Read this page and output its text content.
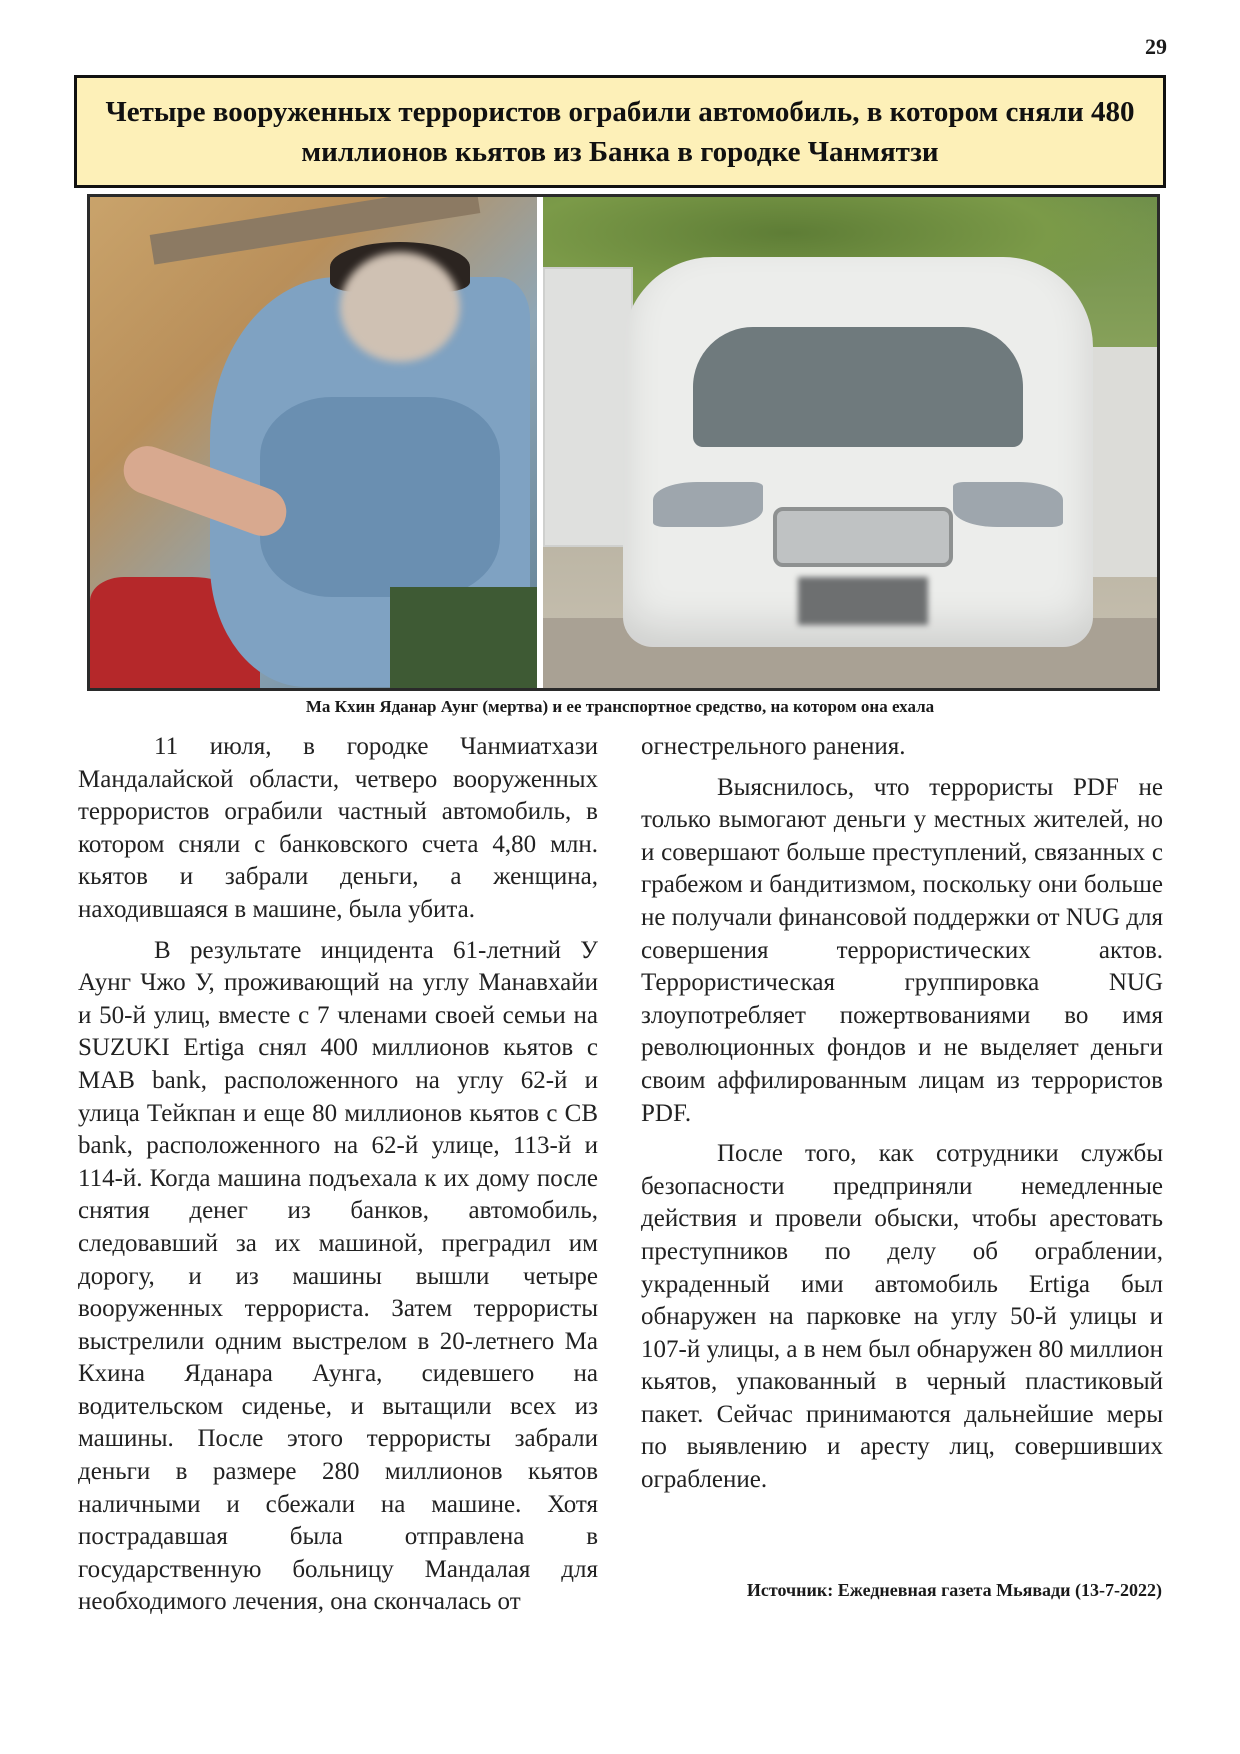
29
Четыре вооруженных террористов ограбили автомобиль, в котором сняли 480 миллионов кьятов из Банка в городке Чанмятзи
Ма Кхин Яданар Аунг (мертва) и ее транспортное средство, на котором она ехала

11 июля, в городке Чанмиатхази Мандалайской области, четверо вооруженных террористов ограбили частный автомобиль, в котором сняли с банковского счета 4,80 млн. кьятов и забрали деньги, а женщина, находившаяся в машине, была убита.

В результате инцидента 61-летний У Аунг Чжо У, проживающий на углу Манавхайи и 50-й улиц, вместе с 7 членами своей семьи на SUZUKI Ertiga снял 400 миллионов кьятов с MAB bank, расположенного на углу 62-й и улица Тейкпан и еще 80 миллионов кьятов с CB bank, расположенного на 62-й улице, 113-й и 114-й. Когда машина подъехала к их дому после снятия денег из банков, автомобиль, следовавший за их машиной, преградил им дорогу, и из машины вышли четыре вооруженных террориста. Затем террористы выстрелили одним выстрелом в 20-летнего Ма Кхина Яданара Аунга, сидевшего на водительском сиденье, и вытащили всех из машины. После этого террористы забрали деньги в размере 280 миллионов кьятов наличными и сбежали на машине. Хотя пострадавшая была отправлена в государственную больницу Мандалая для необходимого лечения, она скончалась от

огнестрельного ранения.

Выяснилось, что террористы PDF не только вымогают деньги у местных жителей, но и совершают больше преступлений, связанных с грабежом и бандитизмом, поскольку они больше не получали финансовой поддержки от NUG для совершения террористических актов. Террористическая группировка NUG злоупотребляет пожертвованиями во имя революционных фондов и не выделяет деньги своим аффилированным лицам из террористов PDF.

После того, как сотрудники службы безопасности предприняли немедленные действия и провели обыски, чтобы арестовать преступников по делу об ограблении, украденный ими автомобиль Ertiga был обнаружен на парковке на углу 50-й улицы и 107-й улицы, а в нем был обнаружен 80 миллион кьятов, упакованный в черный пластиковый пакет. Сейчас принимаются дальнейшие меры по выявлению и аресту лиц, совершивших ограбление.

Источник: Ежедневная газета Мьявади (13-7-2022)
